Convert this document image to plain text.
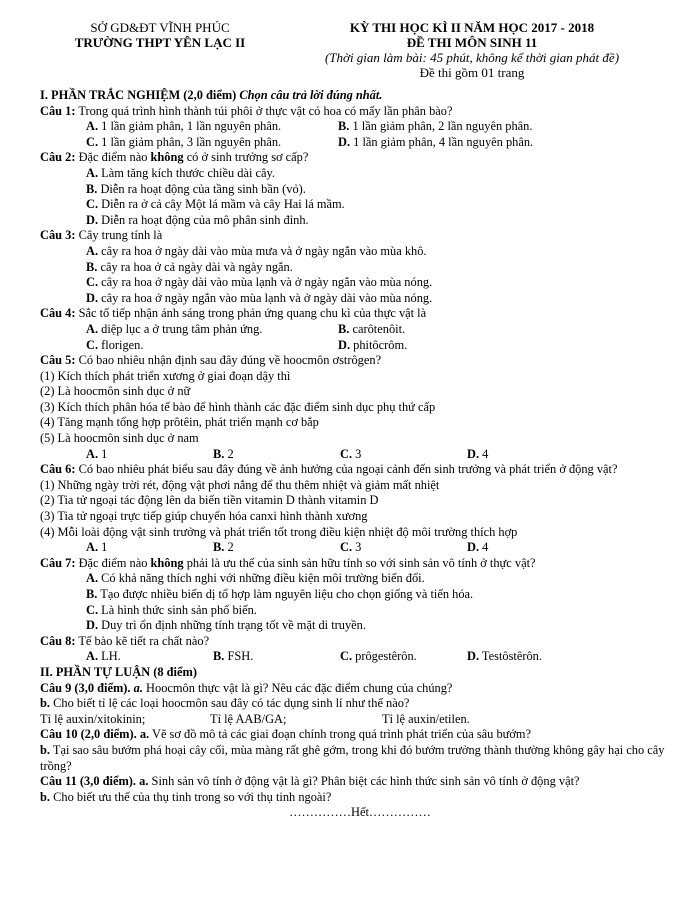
SỞ GD&ĐT VĨNH PHÚC
TRƯỜNG THPT YÊN LẠC II
KỲ THI HỌC KÌ II NĂM HỌC 2017 - 2018
ĐỀ THI MÔN SINH 11
(Thời gian làm bài: 45 phút, không kể thời gian phát đề)
Đề thi gồm 01 trang
I. PHẦN TRẮC NGHIỆM (2,0 điểm) Chọn câu trả lời đúng nhất.
Câu 1: Trong quá trình hình thành túi phôi ở thực vật có hoa có mấy lần phân bào?
A. 1 lần giảm phân, 1 lần nguyên phân.	B. 1 lần giảm phân, 2 lần nguyên phân.
C. 1 lần giảm phân, 3 lần nguyên phân.	D. 1 lần giảm phân, 4 lần nguyên phân.
Câu 2: Đặc điểm nào không có ở sinh trưởng sơ cấp?
A. Làm tăng kích thước chiều dài cây.
B. Diễn ra hoạt động của tầng sinh bần (vỏ).
C. Diễn ra ở cả cây Một lá mầm và cây Hai lá mầm.
D. Diễn ra hoạt động của mô phân sinh đỉnh.
Câu 3: Cây trung tính là
A. cây ra hoa ở ngày dài vào mùa mưa và ở ngày ngắn vào mùa khô.
B. cây ra hoa ở cả ngày dài và ngày ngắn.
C. cây ra hoa ở ngày dài vào mùa lạnh và ở ngày ngắn vào mùa nóng.
D. cây ra hoa ở ngày ngắn vào mùa lạnh và ở ngày dài vào mùa nóng.
Câu 4: Sắc tố tiếp nhận ánh sáng trong phản ứng quang chu kì của thực vật là
A. diệp lục a ở trung tâm phản ứng.	B. carôtenôit.
C. florigen.	D. phitôcrôm.
Câu 5: Có bao nhiêu nhận định sau đây đúng về hoocmôn ơstrôgen?
(1) Kích thích phát triển xương ở giai đoạn dậy thì
(2) Là hoocmôn sinh dục ở nữ
(3) Kích thích phân hóa tế bào để hình thành các đặc điểm sinh dục phụ thứ cấp
(4) Tăng mạnh tổng hợp prôtêin, phát triển mạnh cơ bắp
(5) Là hoocmôn sinh dục ở nam
A. 1	B. 2	C. 3	D. 4
Câu 6: Có bao nhiêu phát biểu sau đây đúng về ảnh hưởng của ngoại cảnh đến sinh trưởng và phát triển ở động vật?
(1) Những ngày trời rét, động vật phơi nắng để thu thêm nhiệt và giảm mất nhiệt
(2) Tia tử ngoại tác động lên da biến tiền vitamin D thành vitamin D
(3) Tia tử ngoại trực tiếp giúp chuyển hóa canxi hình thành xương
(4) Mỗi loài động vật sinh trưởng và phát triển tốt trong điều kiện nhiệt độ môi trường thích hợp
A. 1	B. 2	C. 3	D. 4
Câu 7: Đặc điểm nào không phải là ưu thế của sinh sản hữu tính so với sinh sản vô tính ở thực vật?
A. Có khả năng thích nghi với những điều kiện môi trường biến đổi.
B. Tạo được nhiều biến dị tổ hợp làm nguyên liệu cho chọn giống và tiến hóa.
C. Là hình thức sinh sản phổ biến.
D. Duy trì ổn định những tính trạng tốt về mặt di truyền.
Câu 8: Tế bào kẽ tiết ra chất nào?
A. LH.	B. FSH.	C. prôgestêrôn.	D. Testôstêrôn.
II. PHẦN TỰ LUẬN (8 điểm)
Câu 9 (3,0 điểm). a. Hoocmôn thực vật là gì? Nêu các đặc điểm chung của chúng?
b. Cho biết tỉ lệ các loại hoocmôn sau đây có tác dụng sinh lí như thế nào?
Tỉ lệ auxin/xitokinin;	Tỉ lệ AAB/GA;	Tỉ lệ auxin/etilen.
Câu 10 (2,0 điểm). a. Vẽ sơ đồ mô tả các giai đoạn chính trong quá trình phát triển của sâu bướm?
b. Tại sao sâu bướm phá hoại cây cối, mùa màng rất ghê gớm, trong khi đó bướm trưởng thành thường không gây hại cho cây trồng?
Câu 11 (3,0 điểm). a. Sinh sản vô tính ở động vật là gì? Phân biệt các hình thức sinh sản vô tính ở động vật?
b. Cho biết ưu thế của thụ tinh trong so với thụ tinh ngoài?
……………Hết……………
